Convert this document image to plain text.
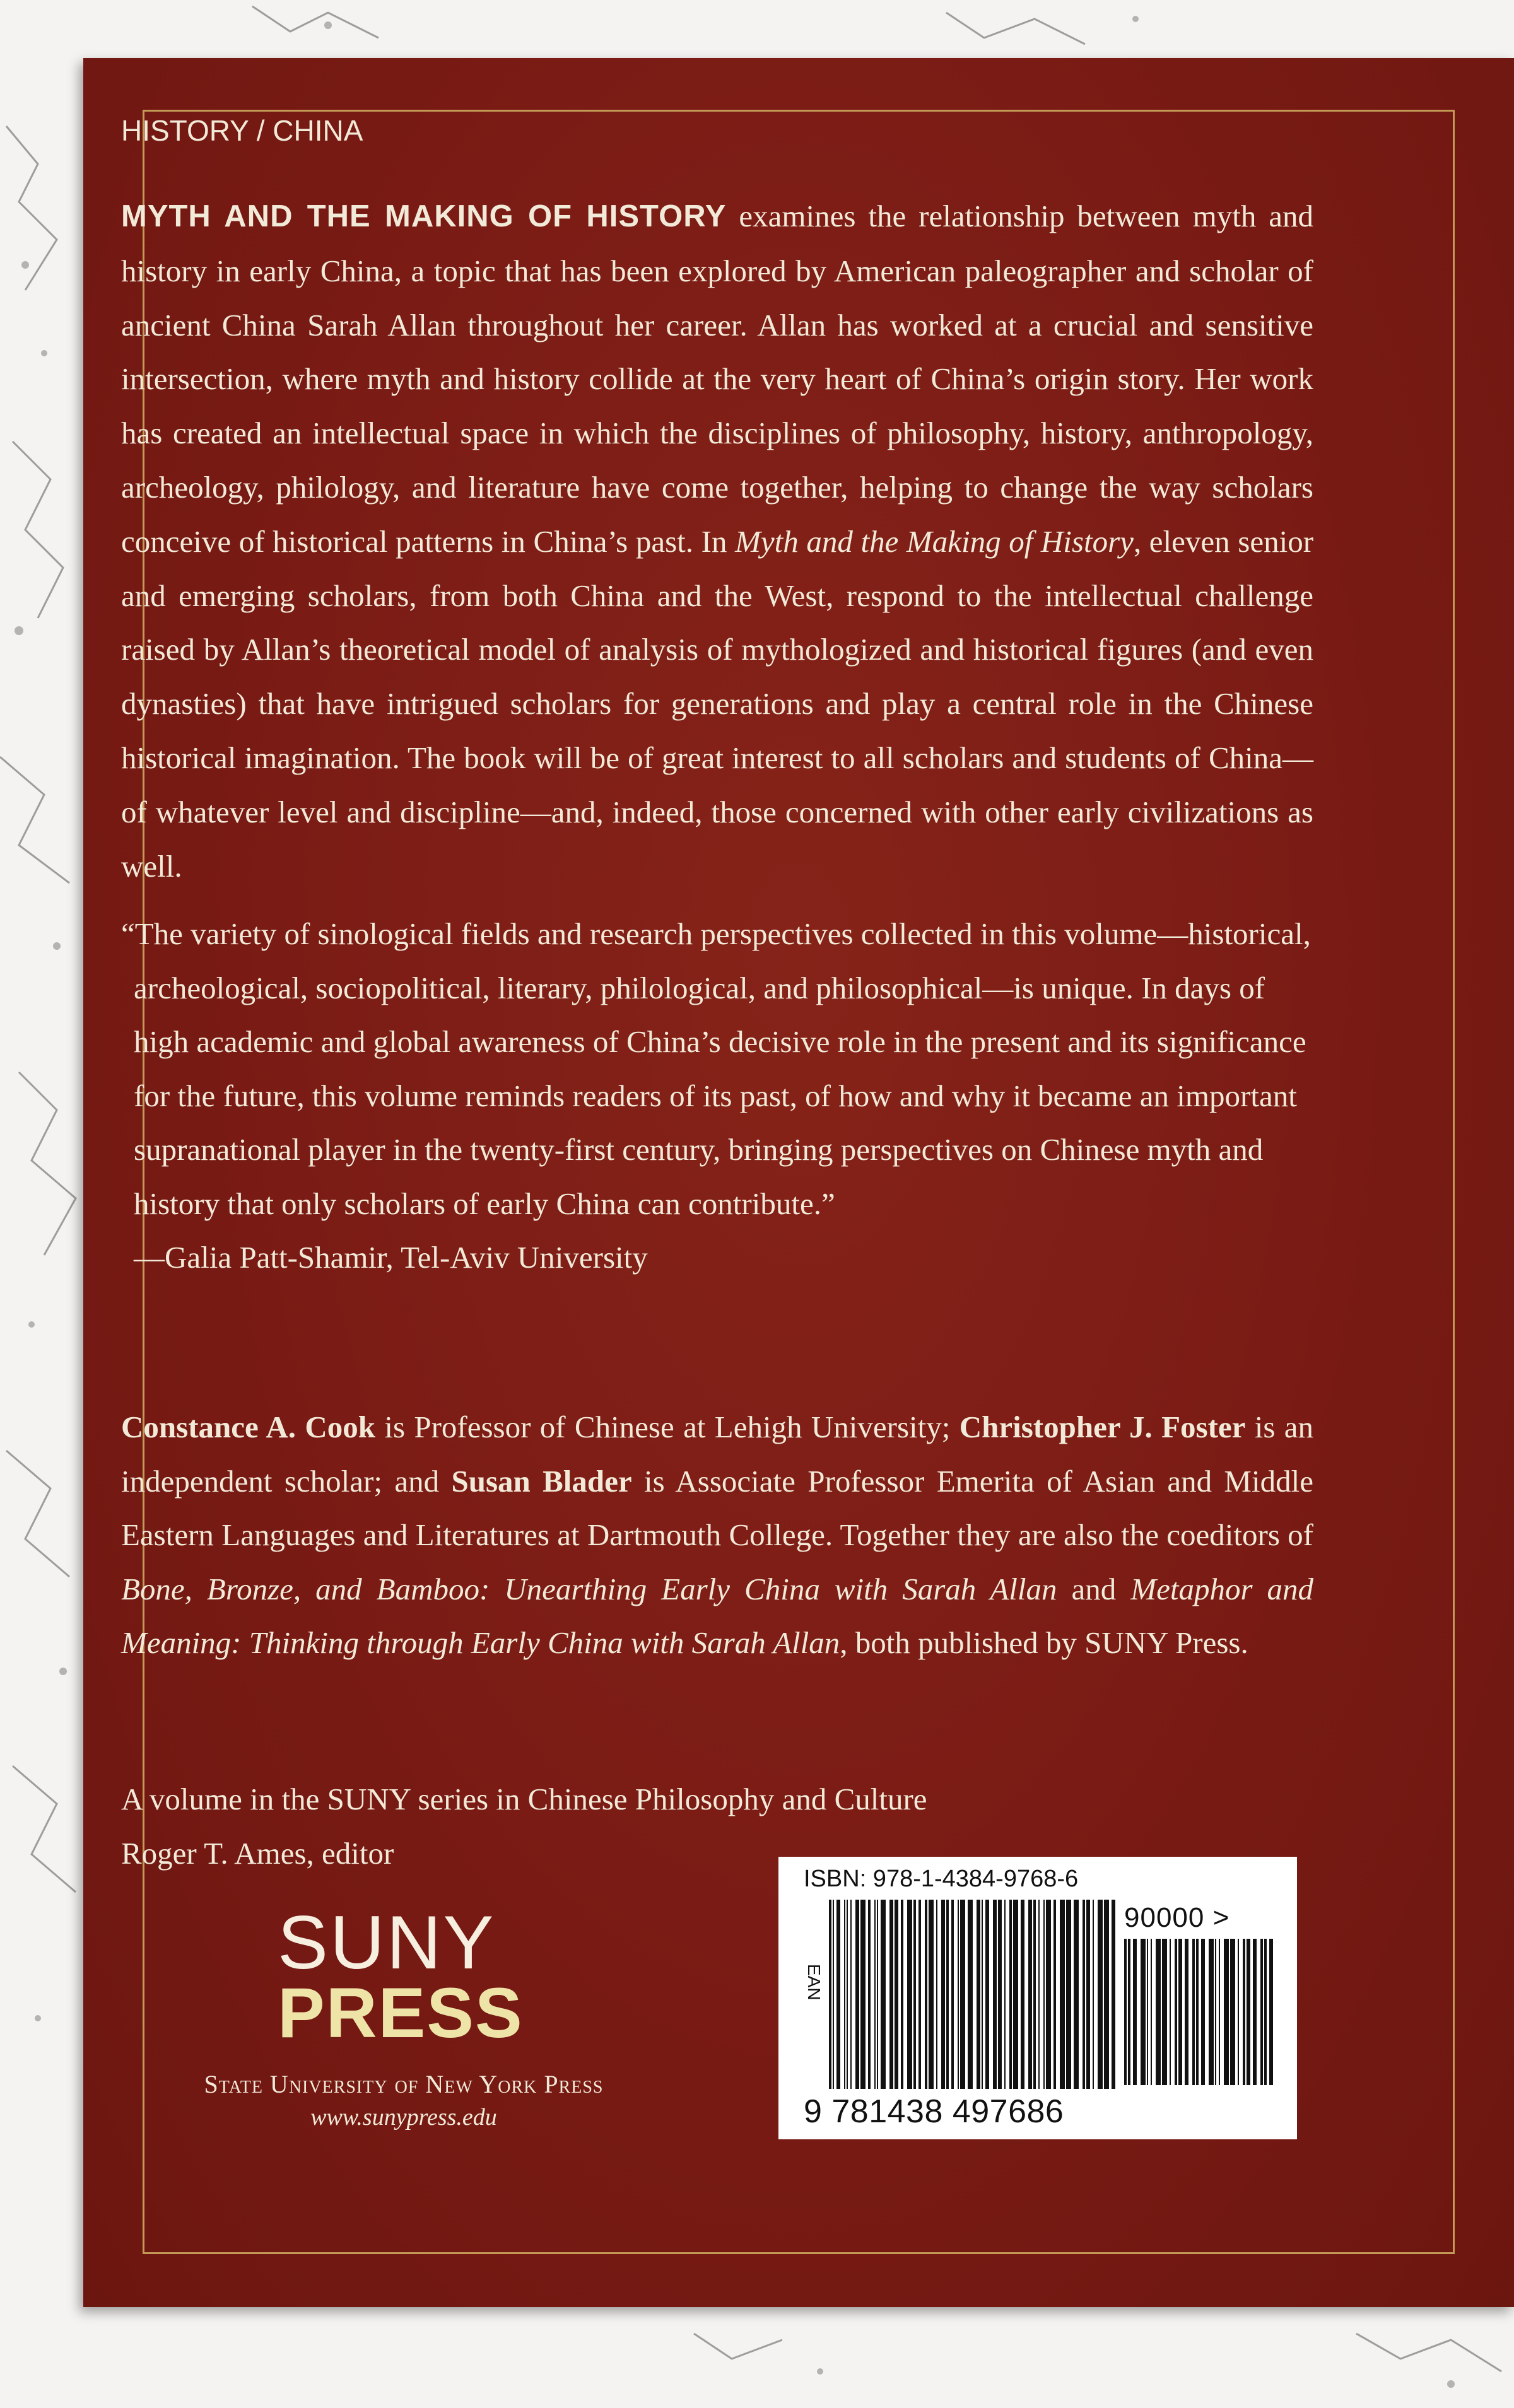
HISTORY / CHINA
MYTH AND THE MAKING OF HISTORY examines the relationship between myth and history in early China, a topic that has been explored by American paleographer and scholar of ancient China Sarah Allan throughout her career. Allan has worked at a crucial and sensitive intersection, where myth and history collide at the very heart of China’s origin story. Her work has created an intellectual space in which the disciplines of philosophy, history, anthropology, archeology, philology, and literature have come together, helping to change the way scholars conceive of historical patterns in China’s past. In Myth and the Making of History, eleven senior and emerging scholars, from both China and the West, respond to the intellectual challenge raised by Allan’s theoretical model of analysis of mythologized and historical figures (and even dynasties) that have intrigued scholars for generations and play a central role in the Chinese historical imagination. The book will be of great interest to all scholars and students of China—of whatever level and discipline—and, indeed, those concerned with other early civilizations as well.
“The variety of sinological fields and research perspectives collected in this volume—historical, archeological, sociopolitical, literary, philological, and philosophical—is unique. In days of high academic and global awareness of China’s decisive role in the present and its significance for the future, this volume reminds readers of its past, of how and why it became an important supranational player in the twenty-first century, bringing perspectives on Chinese myth and history that only scholars of early China can contribute.”
—Galia Patt-Shamir, Tel-Aviv University
Constance A. Cook is Professor of Chinese at Lehigh University; Christopher J. Foster is an independent scholar; and Susan Blader is Associate Professor Emerita of Asian and Middle Eastern Languages and Literatures at Dartmouth College. Together they are also the coeditors of Bone, Bronze, and Bamboo: Unearthing Early China with Sarah Allan and Metaphor and Meaning: Thinking through Early China with Sarah Allan, both published by SUNY Press.
A volume in the SUNY series in Chinese Philosophy and Culture
Roger T. Ames, editor
SUNY
PRESS
State University of New York Press
www.sunypress.edu
ISBN: 978-1-4384-9768-6
EAN
90000 >
9 781438 497686
